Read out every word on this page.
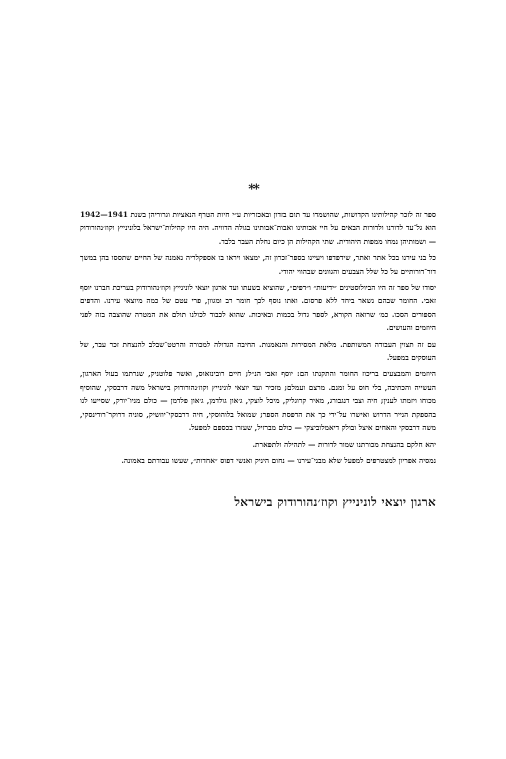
**

ספר זה לזכר קהילותינו הקדושות, שהושמדו עד תום בזדון ובאכזריות ע״י חיות הטרף הנאציות וגרוריהן בשנת 1941—1942 הוא גל־עד לדורנו ולדורות הבאים על חיי אבותינו ואבות־אבותינו בגולה הדוויה. היה היו קהילות־ישראל בלונינייץ וקוז׳נהורודוק — ושמותיהן נמחו ממפות היהודית. שתי הקהילות הן כיום נחלת העבר בלבד.

כל בני עירנו בכל אתר ואתר, שידפדפו ויעיינו בספר־זכרון זה, ימצאו ויראו בו אספקלריה נאמנה של החיים שתססו בהן במשך דור־דורותיים על כל שלל הצבעים והגוונים שבהווי יהודי.

יסודו של ספר זה היו הביולוסטינים ״ידיעות״ ו״דפים״, שהוציא בשעתו ועד ארגון יוצאי לונינייץ וקוז׳נהורודוק בעריכת חברנו יוסף זאבי. החומר שבהם נשאר ביחד ללא פרסום. ואתו נוסף לכך חומר רב ומגוון, פרי עטם של כמה מיוצאי עירנו. והדפים הספורים הסכו. כמ׳ שרואה הקורא, לספר גדול בכמות ובאיכות. שהוא לכבוד לכולנו תולם את המטרה שהוצבה בזה לפני היוזמים והעושים.

עם זה תצוין העבודה המשותפת. מלאת המסירות והנאמנות. החיבה הגדולה למכורה והרטט־שבלב להנצחת זכר עבר, של העוסקים במפעל.

היוזמים והמבצעים בריכוז החומר והתקנתו הם: יוסף זאבי הנ״ל; חיים רובינזאוס, ואשר פלוטניק, שנרתמו בעול הארגון, העשייה והכתיבה, בלי חוס על זמנם. מרצם ועמלם; מזכיר ועד יוצאי לונינייץ וקוז׳נהורודוק בישראל משה דרבסקי, שהוסיף מכוחו ויזמתו לענין; חיה וצבי דנגבורג, מאיר קרוגליק, מיכל לוצקי, ג׳און גולדמן, ג׳און פלדמן — כולם מניו־יורק, שסייעו לנו בהספקת הנייר הדרוש ואישרו על־ידי כך את הדפסת הספר; שמואל בלוהוסקי, חיה דרבסקי־יוזשיק, סוניה דרוקר־רודינסקי, משה דרבסקי והאחים איצל ובולק דיאמלוביצקי — כולם מברזיל, שעזרו בכספם למפעל.

יהא חלקם בהנצחת מכורתנו שמור לדורות — לתהילה ולתפארת.

נמסיה אפריון למצטרפים למפעל שלא מבני־עירנו — נחום היניק ואנשי דפוס ״אחדות״, שעשו עבודתם באמונה.

ארגון יוצאי לונינייץ וקוז׳נהורודוק בישראל
